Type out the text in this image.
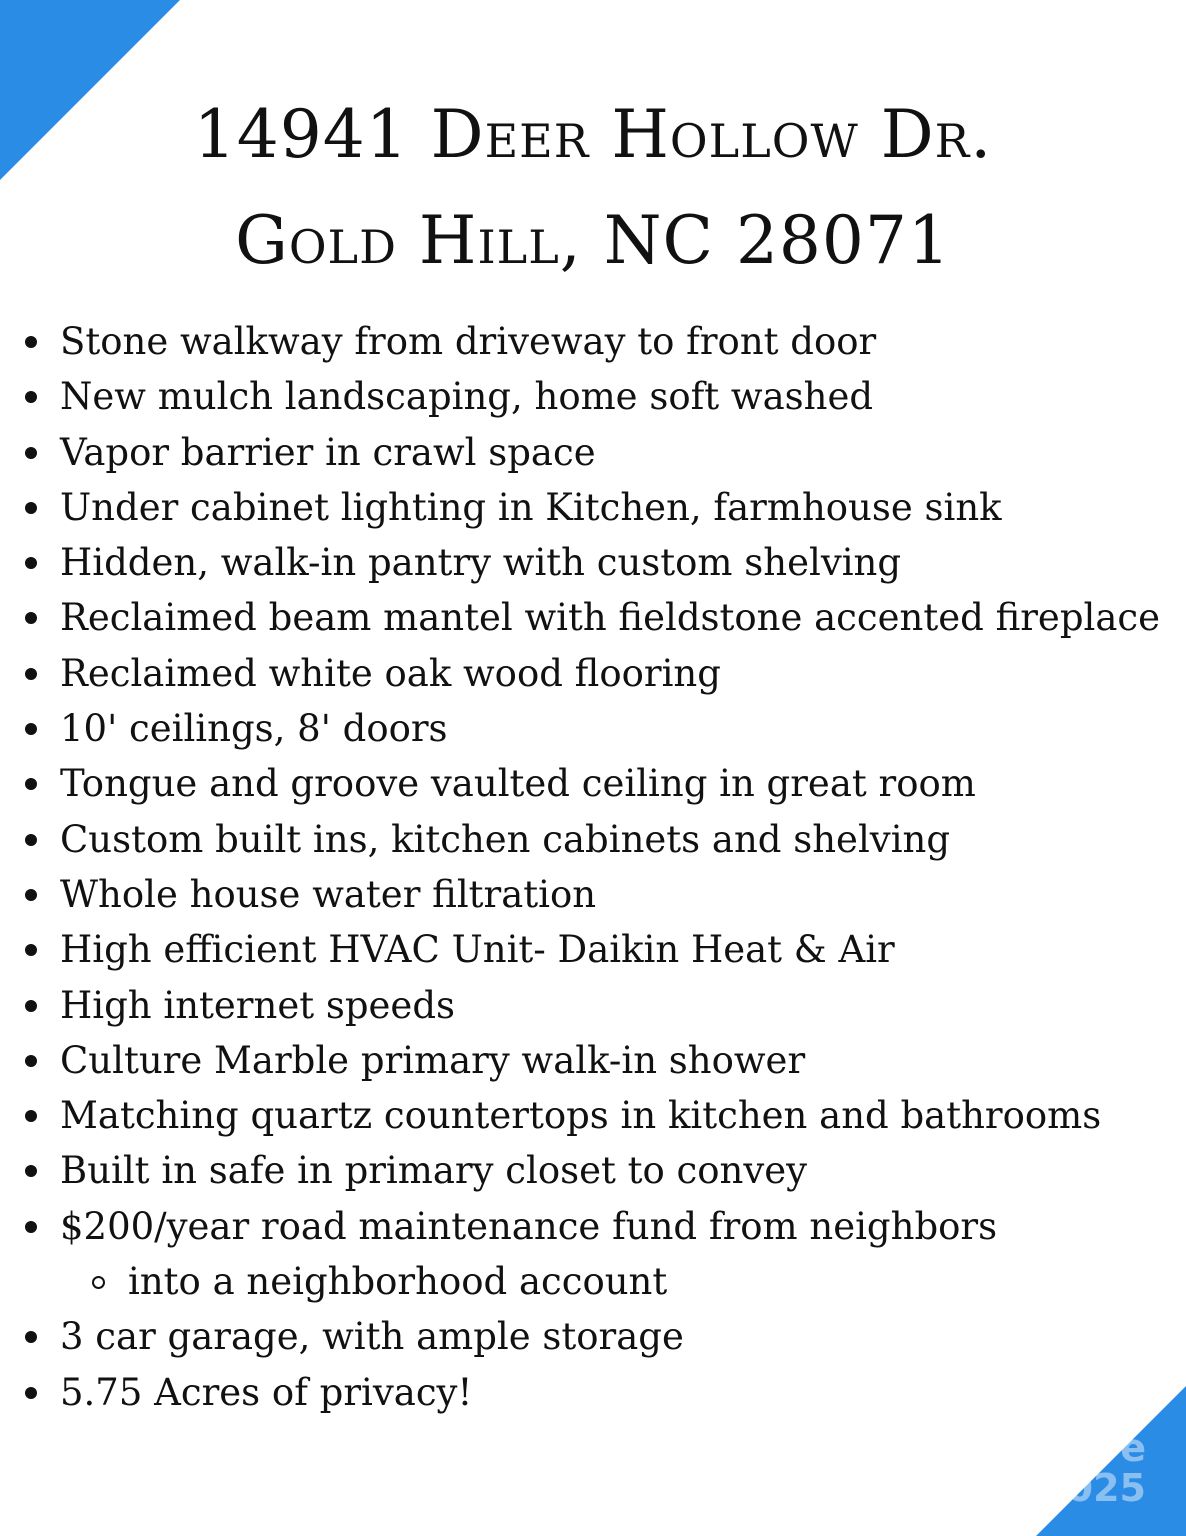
e
025
14941 Deer Hollow Dr.
Gold Hill, NC 28071
Stone walkway from driveway to front door
New mulch landscaping, home soft washed
Vapor barrier in crawl space
Under cabinet lighting in Kitchen, farmhouse sink
Hidden, walk-in pantry with custom shelving
Reclaimed beam mantel with fieldstone accented fireplace
Reclaimed white oak wood flooring
10' ceilings, 8' doors
Tongue and groove vaulted ceiling in great room
Custom built ins, kitchen cabinets and shelving
Whole house water filtration
High efficient HVAC Unit- Daikin Heat & Air
High internet speeds
Culture Marble primary walk-in shower
Matching quartz countertops in kitchen and bathrooms
Built in safe in primary closet to convey
$200/year road maintenance fund from neighbors
into a neighborhood account
3 car garage, with ample storage
5.75 Acres of privacy!
